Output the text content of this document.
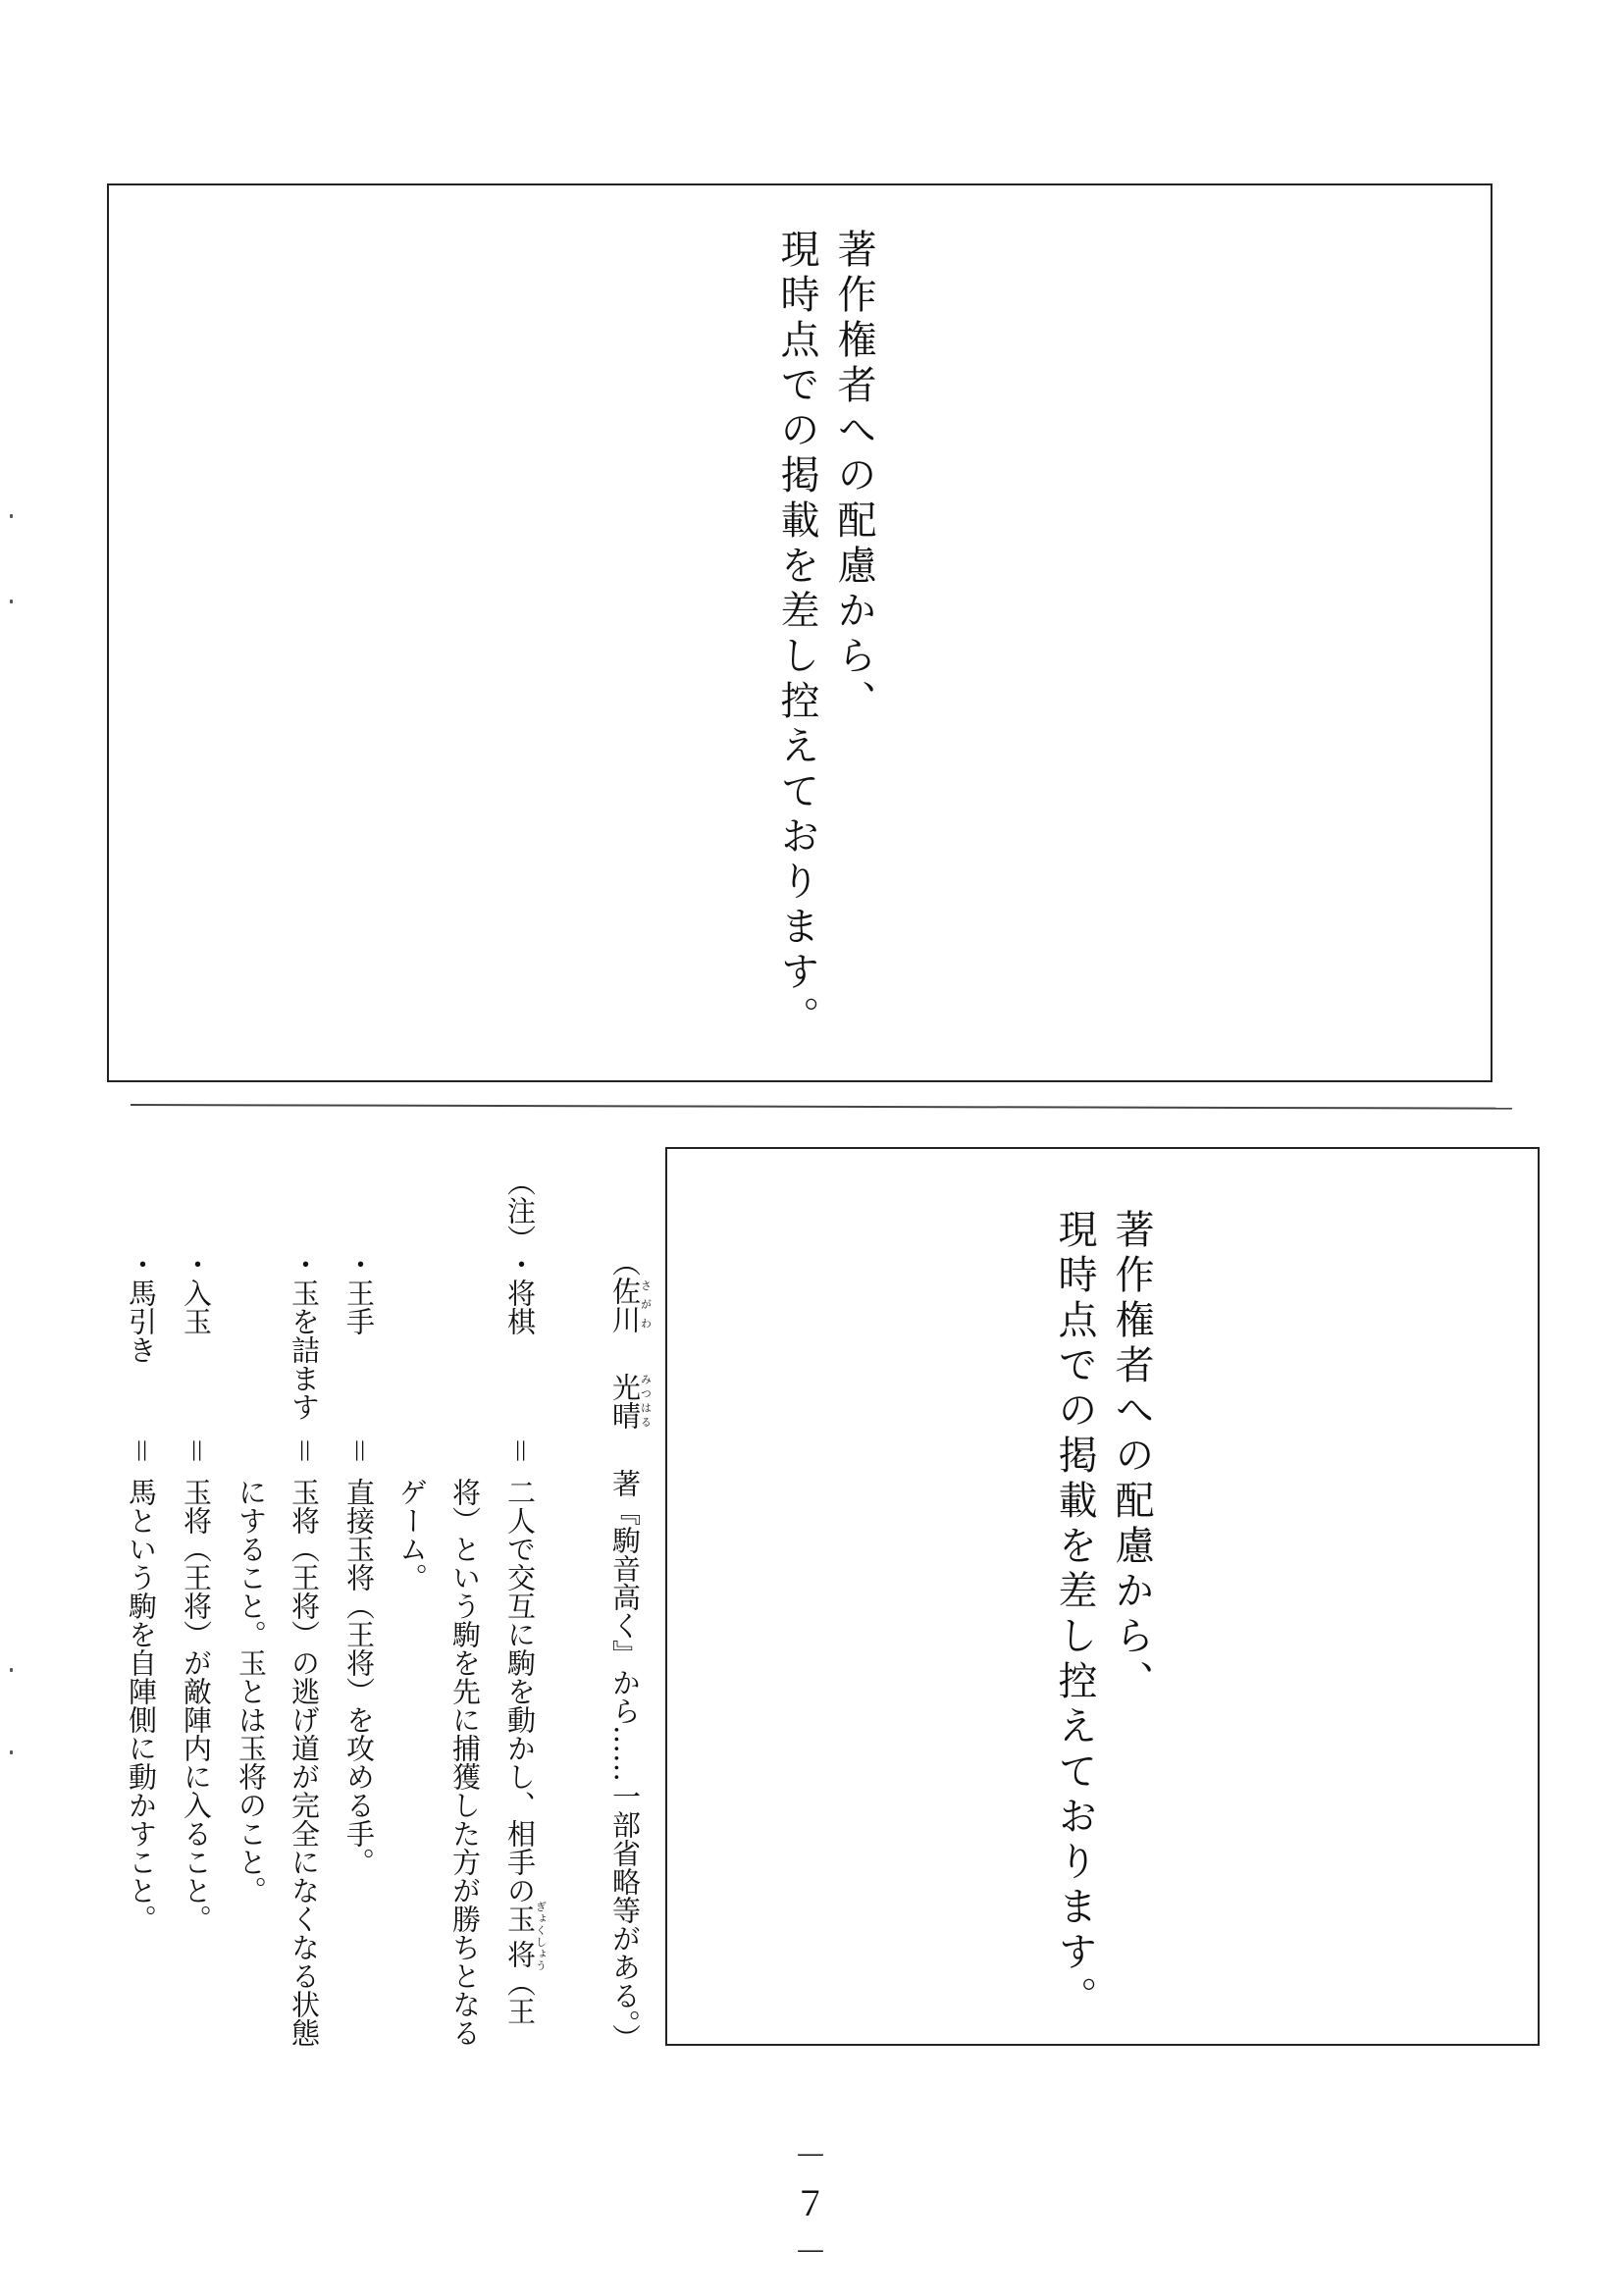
著作権者への配慮から、
現時点での掲載を差し控えております。
著作権者への配慮から、
現時点での掲載を差し控えております。
（佐川さがわ光晴みつはる著『駒音高く』から……一部省略等がある。）
（注）
・将棋
＝
二人で交互に駒を動かし、相手の玉将ぎょくしょう（王
将）という駒を先に捕獲した方が勝ちとなる
ゲーム。
・王手
＝
直接玉将（王将）を攻める手。
・玉を詰ます
＝
玉将（王将）の逃げ道が完全になくなる状態
にすること。玉とは玉将のこと。
・入玉
＝
玉将（王将）が敵陣内に入ること。
・馬引き
＝
馬という駒を自陣側に動かすこと。
－７－
